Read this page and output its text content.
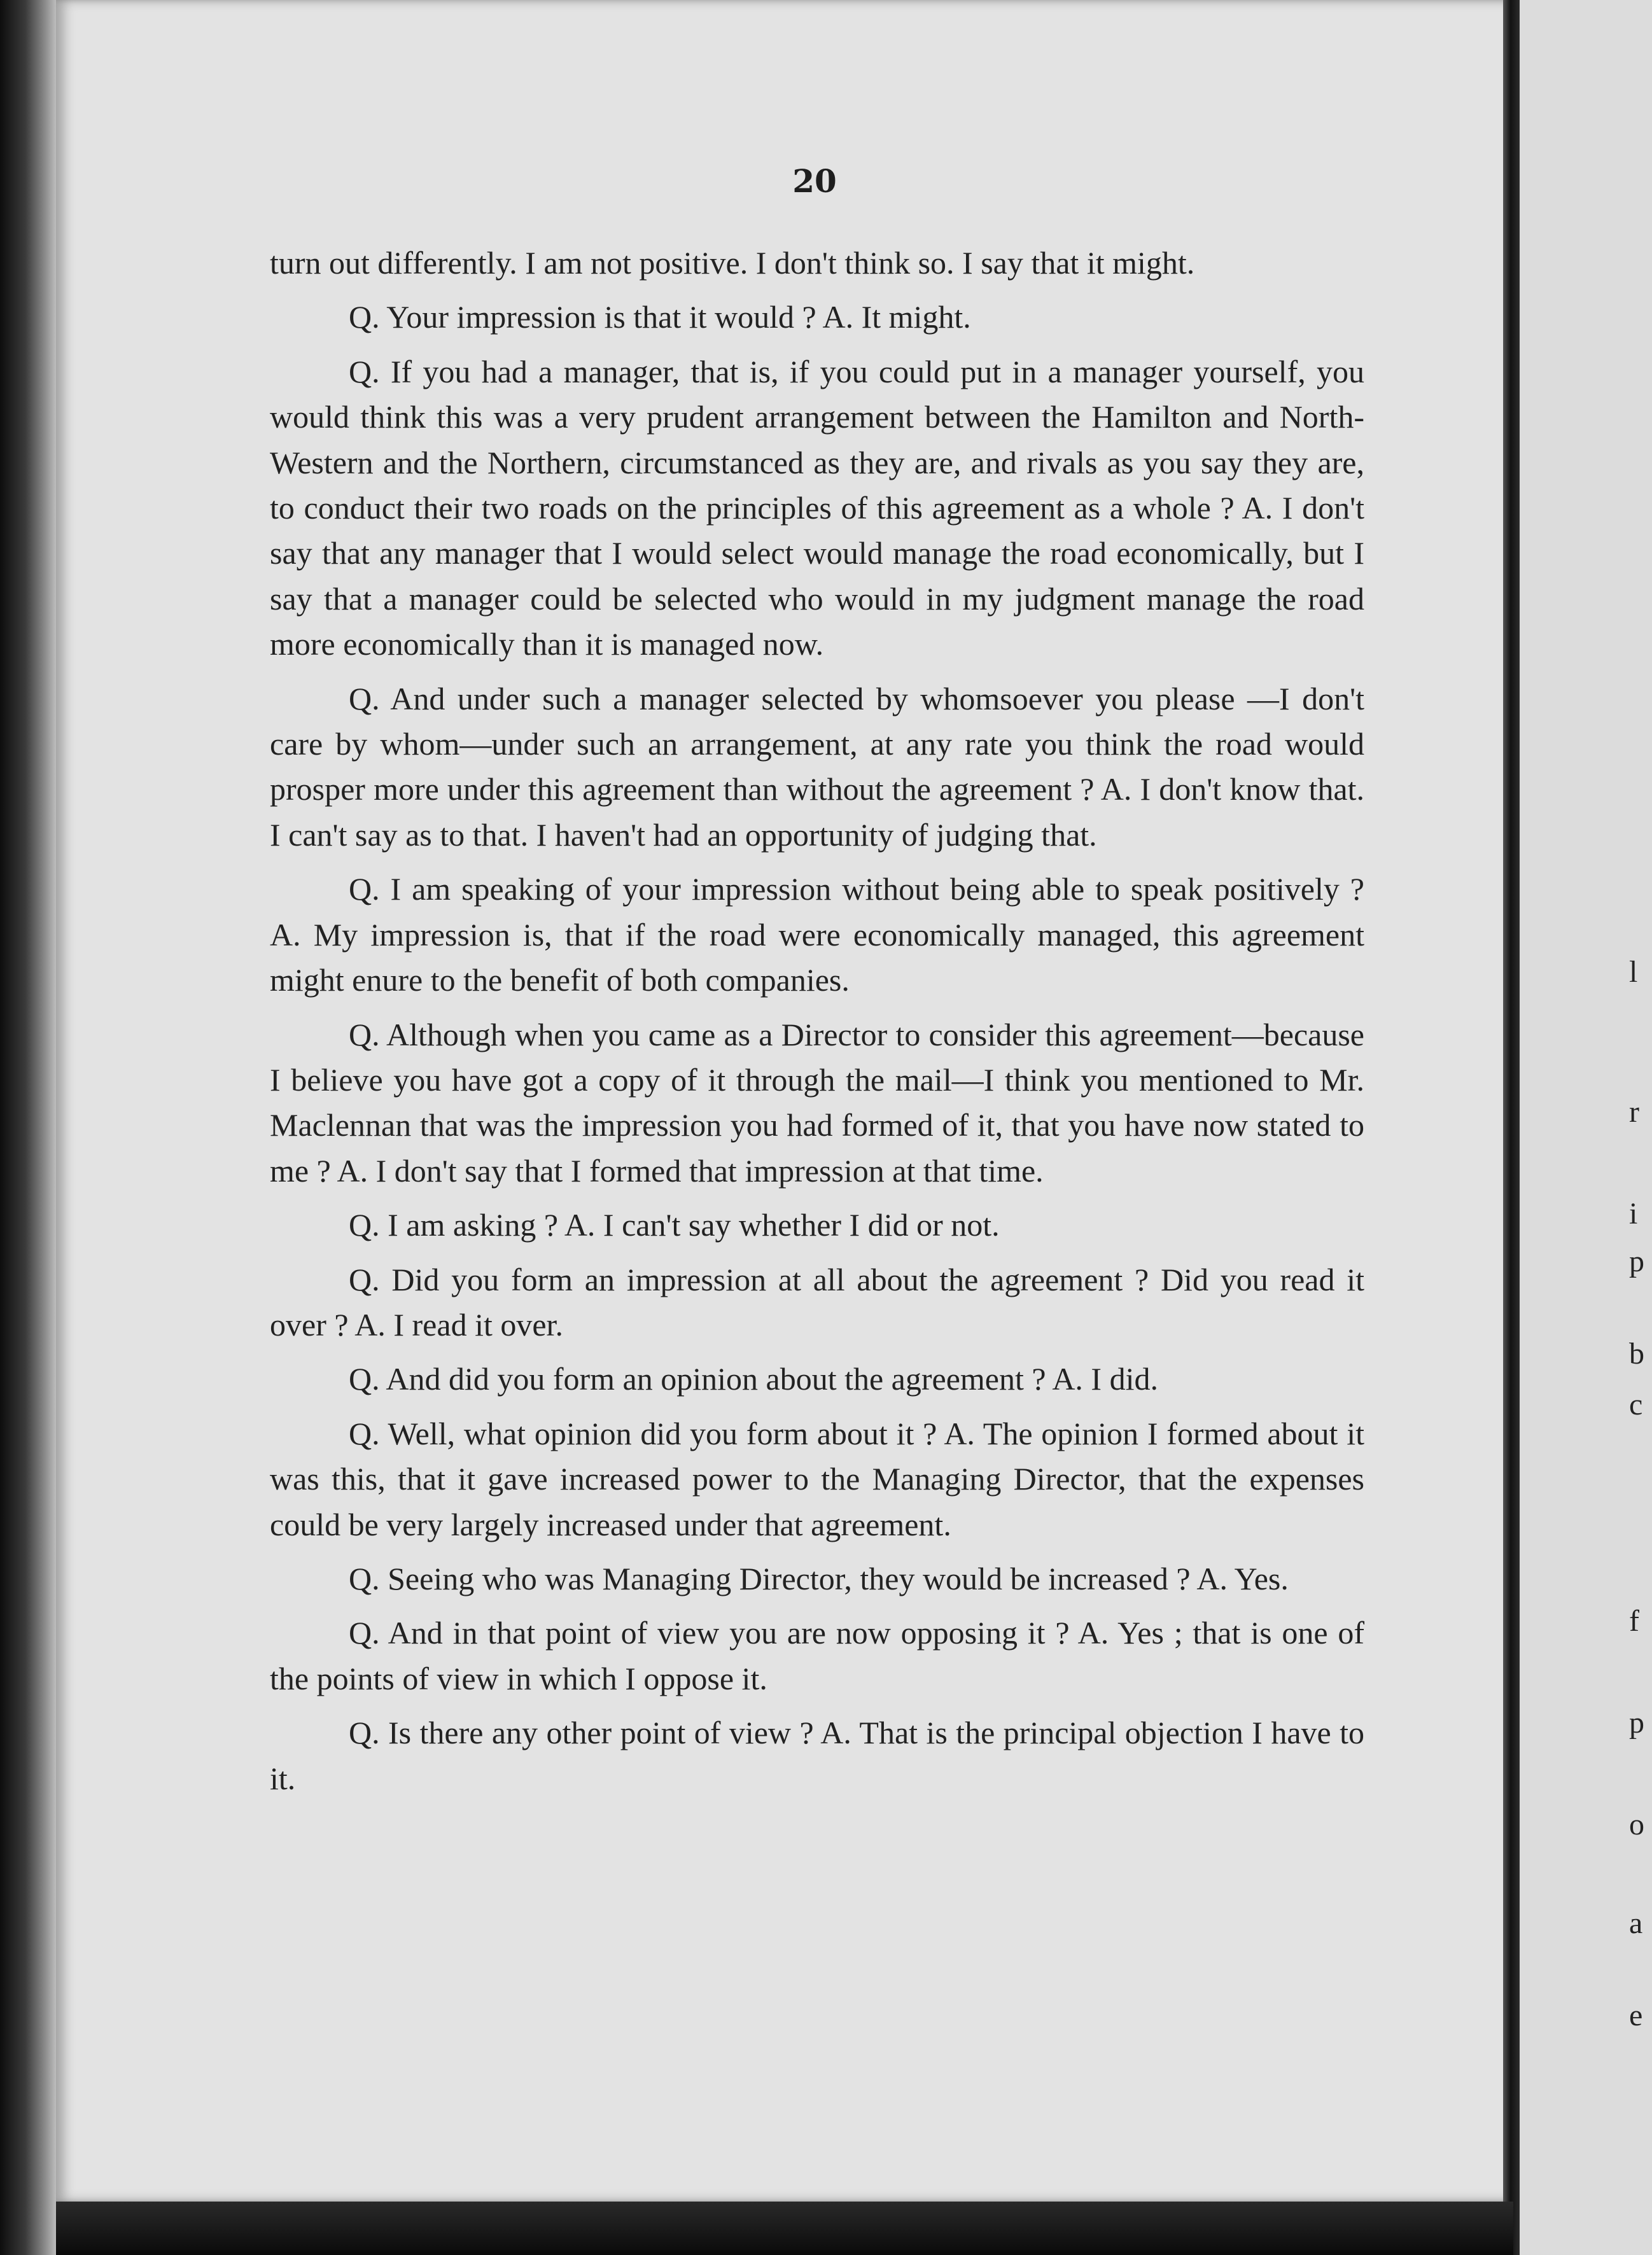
20

turn out differently. I am not positive. I don't think so. I say that it might.

Q. Your impression is that it would ? A. It might.

Q. If you had a manager, that is, if you could put in a manager yourself, you would think this was a very prudent arrangement between the Hamilton and North-Western and the Northern, circumstanced as they are, and rivals as you say they are, to conduct their two roads on the principles of this agreement as a whole ? A. I don't say that any manager that I would select would manage the road economically, but I say that a manager could be selected who would in my judgment manage the road more economically than it is managed now.

Q. And under such a manager selected by whomsoever you please —I don't care by whom—under such an arrangement, at any rate you think the road would prosper more under this agreement than without the agreement ? A. I don't know that. I can't say as to that. I haven't had an opportunity of judging that.

Q. I am speaking of your impression without being able to speak positively ? A. My impression is, that if the road were economically managed, this agreement might enure to the benefit of both companies.

Q. Although when you came as a Director to consider this agreement—because I believe you have got a copy of it through the mail—I think you mentioned to Mr. Maclennan that was the impression you had formed of it, that you have now stated to me ? A. I don't say that I formed that impression at that time.

Q. I am asking ? A. I can't say whether I did or not.

Q. Did you form an impression at all about the agreement ? Did you read it over ? A. I read it over.

Q. And did you form an opinion about the agreement ? A. I did.

Q. Well, what opinion did you form about it ? A. The opinion I formed about it was this, that it gave increased power to the Managing Director, that the expenses could be very largely increased under that agreement.

Q. Seeing who was Managing Director, they would be increased ? A. Yes.

Q. And in that point of view you are now opposing it ? A. Yes ; that is one of the points of view in which I oppose it.

Q. Is there any other point of view ? A. That is the principal objection I have to it.

l
r
i
p
b
c
f
p
o
a
e
